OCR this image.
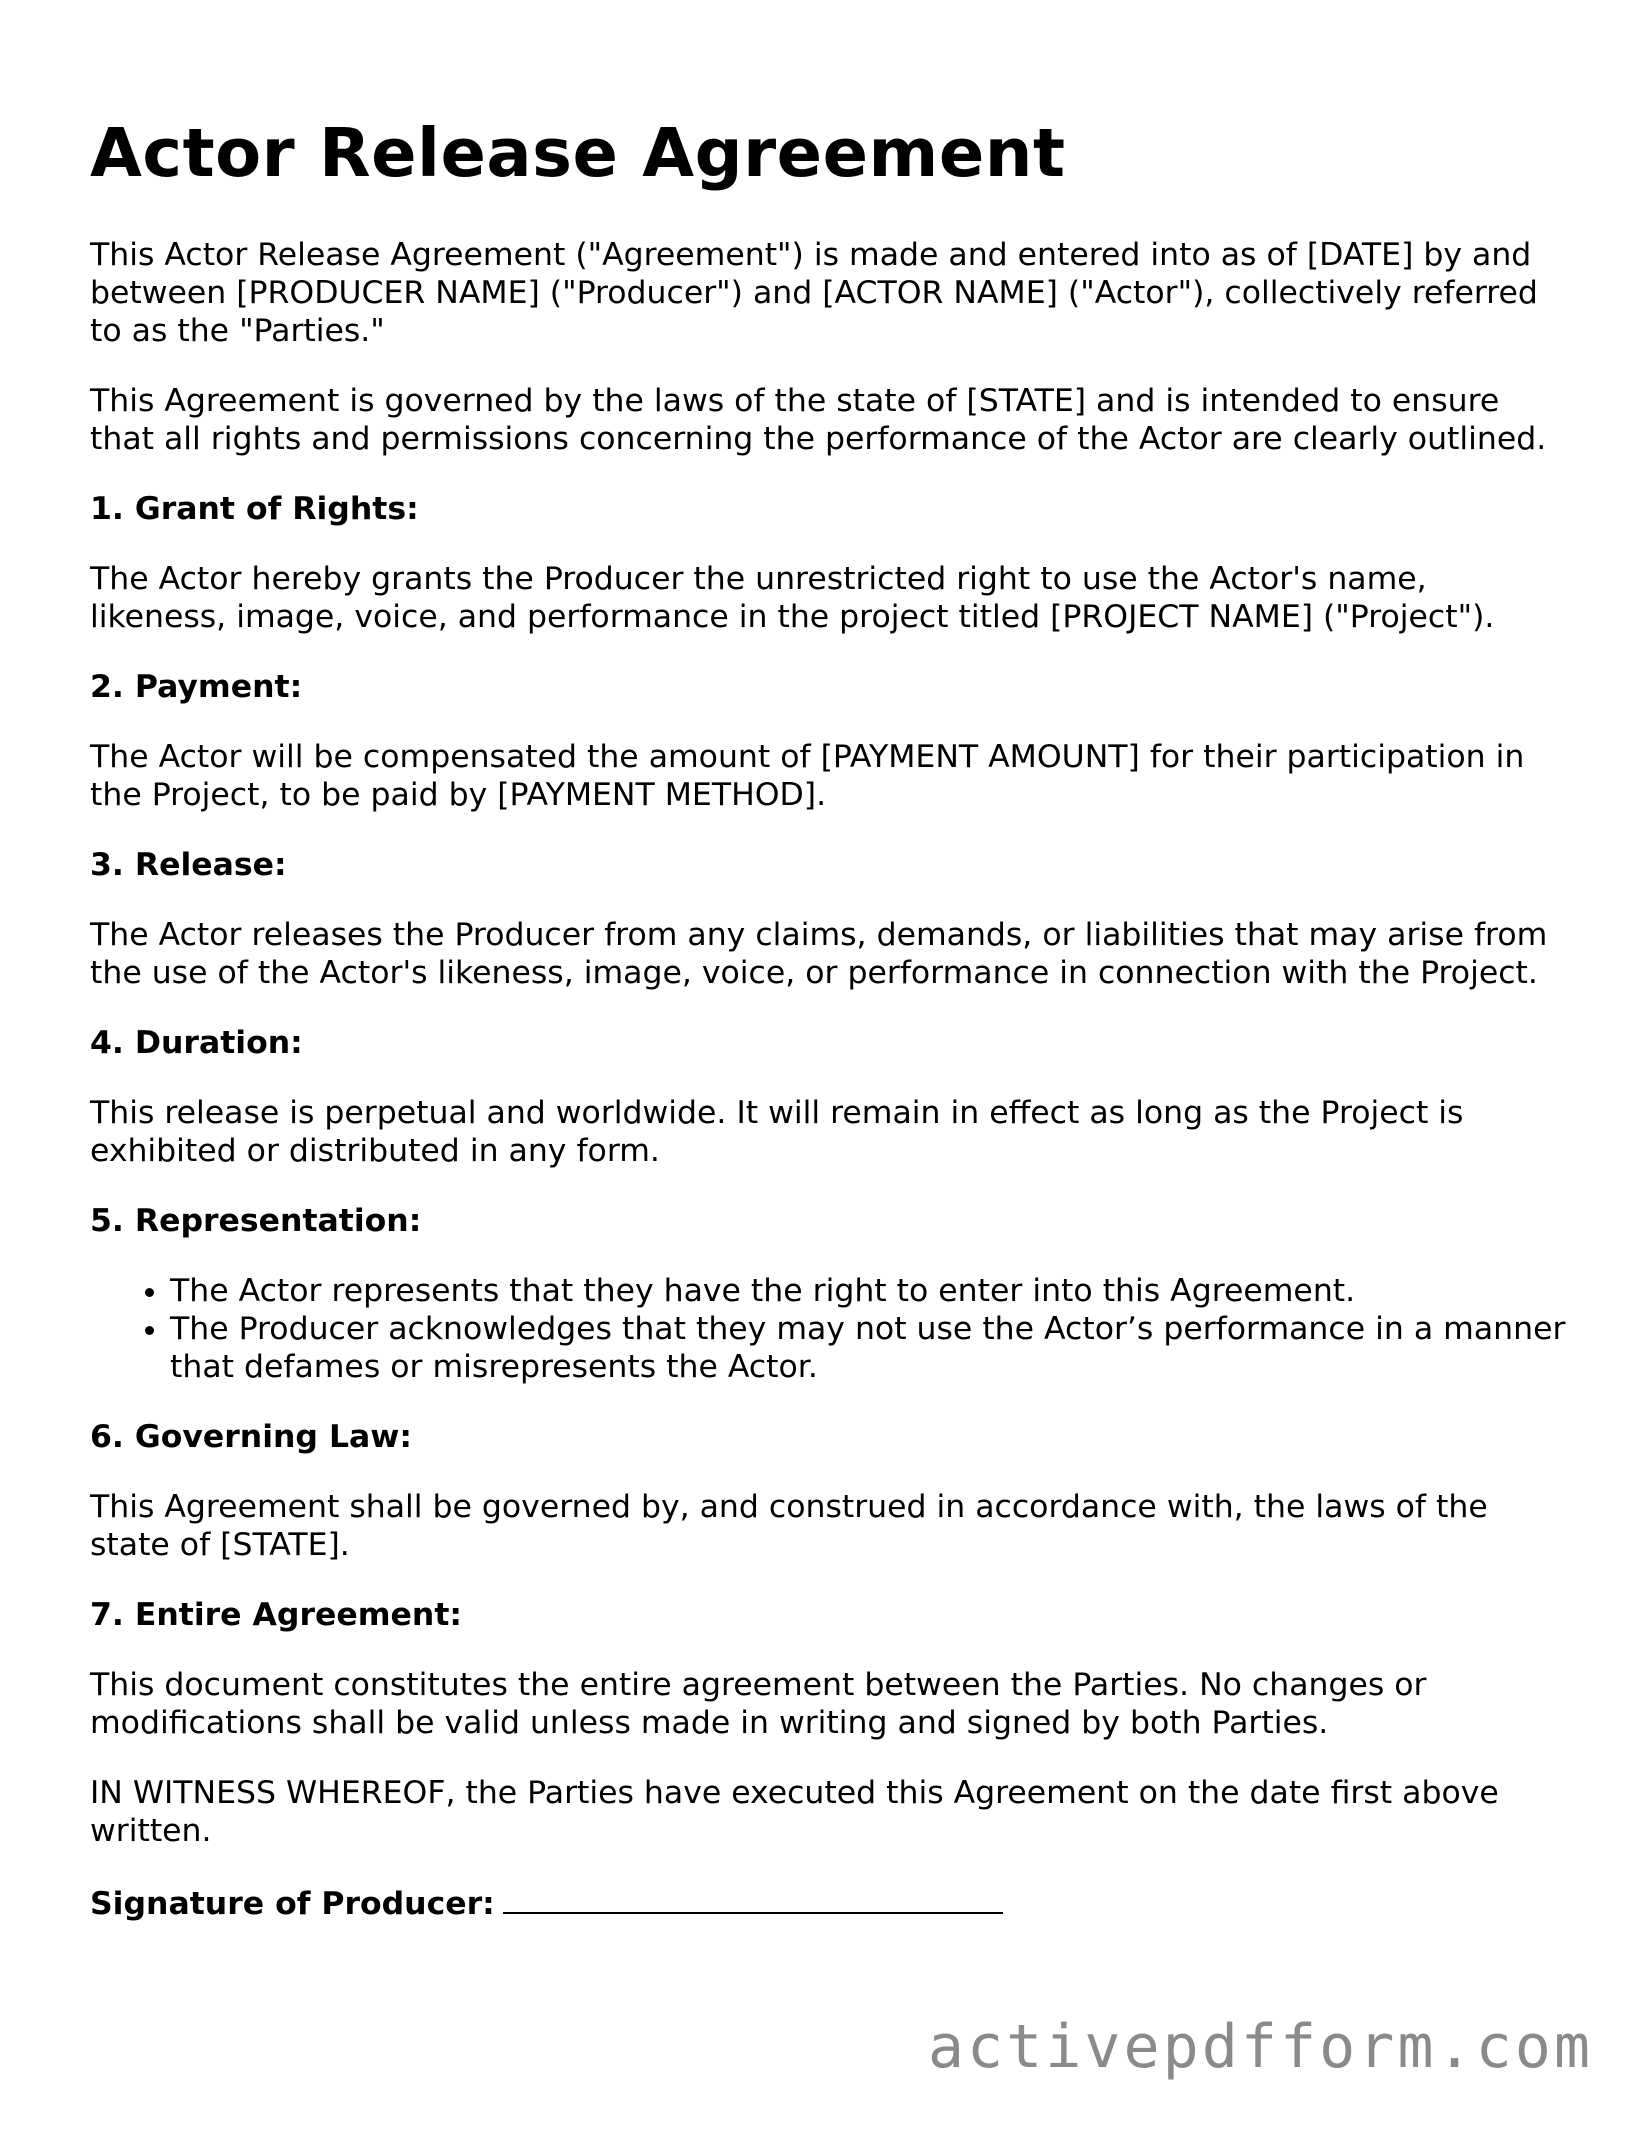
Actor Release Agreement

This Actor Release Agreement ("Agreement") is made and entered into as of [DATE] by and between [PRODUCER NAME] ("Producer") and [ACTOR NAME] ("Actor"), collectively referred to as the "Parties."

This Agreement is governed by the laws of the state of [STATE] and is intended to ensure that all rights and permissions concerning the performance of the Actor are clearly outlined.

1. Grant of Rights:

The Actor hereby grants the Producer the unrestricted right to use the Actor's name, likeness, image, voice, and performance in the project titled [PROJECT NAME] ("Project").

2. Payment:

The Actor will be compensated the amount of [PAYMENT AMOUNT] for their participation in the Project, to be paid by [PAYMENT METHOD].

3. Release:

The Actor releases the Producer from any claims, demands, or liabilities that may arise from the use of the Actor's likeness, image, voice, or performance in connection with the Project.

4. Duration:

This release is perpetual and worldwide. It will remain in effect as long as the Project is exhibited or distributed in any form.

5. Representation:

• The Actor represents that they have the right to enter into this Agreement.
• The Producer acknowledges that they may not use the Actor’s performance in a manner that defames or misrepresents the Actor.

6. Governing Law:

This Agreement shall be governed by, and construed in accordance with, the laws of the state of [STATE].

7. Entire Agreement:

This document constitutes the entire agreement between the Parties. No changes or modifications shall be valid unless made in writing and signed by both Parties.

IN WITNESS WHEREOF, the Parties have executed this Agreement on the date first above written.

Signature of Producer:
activepdfform.com
